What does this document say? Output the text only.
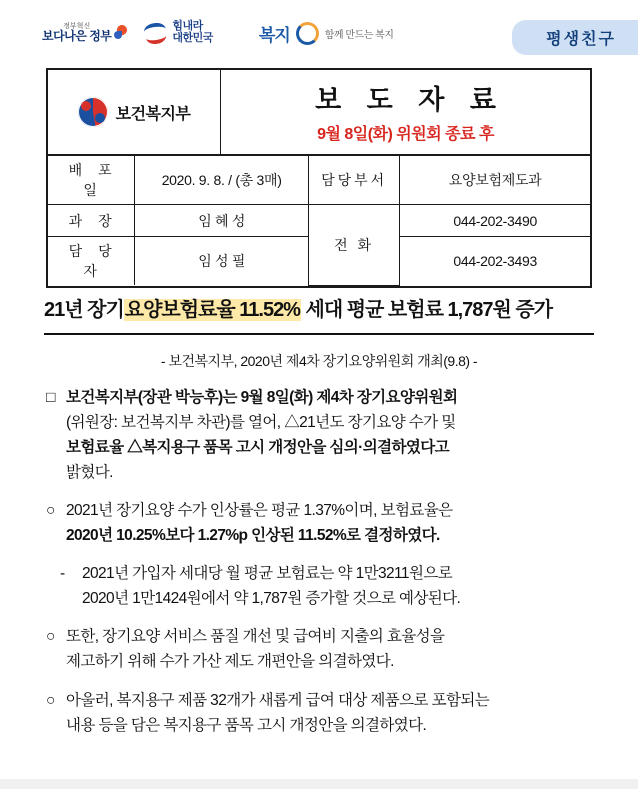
정부혁신
보다나은 정부
힘내라
대한민국	복지	함께 만드는 복지	평생친구
보건복지부	보 도 자 료
9월 8일(화) 위원회 종료 후
배 포 일	2020. 9. 8. / (총 3매)	담당부서	요양보험제도과
과 장	임 혜 성	전 화	044-202-3490
담 당 자	임 성 필		044-202-3493
21년 장기요양보험료율 11.52% 세대 평균 보험료 1,787원 증가
- 보건복지부, 2020년 제4차 장기요양위원회 개최(9.8) -
□ 보건복지부(장관 박능후)는 9월 8일(화) 제4차 장기요양위원회
(위원장: 보건복지부 차관)를 열어, △21년도 장기요양 수가 및
보험료율 △복지용구 품목 고시 개정안을 심의·의결하였다고
밝혔다.
○ 2021년 장기요양 수가 인상률은 평균 1.37%이며, 보험료율은
2020년 10.25%보다 1.27%p 인상된 11.52%로 결정하였다.
-	2021년 가입자 세대당 월 평균 보험료는 약 1만3211원으로
2020년 1만1424원에서 약 1,787원 증가할 것으로 예상된다.
○ 또한, 장기요양 서비스 품질 개선 및 급여비 지출의 효율성을
제고하기 위해 수가 가산 제도 개편안을 의결하였다.
○ 아울러, 복지용구 제품 32개가 새롭게 급여 대상 제품으로 포함되는
내용 등을 담은 복지용구 품목 고시 개정안을 의결하였다.
